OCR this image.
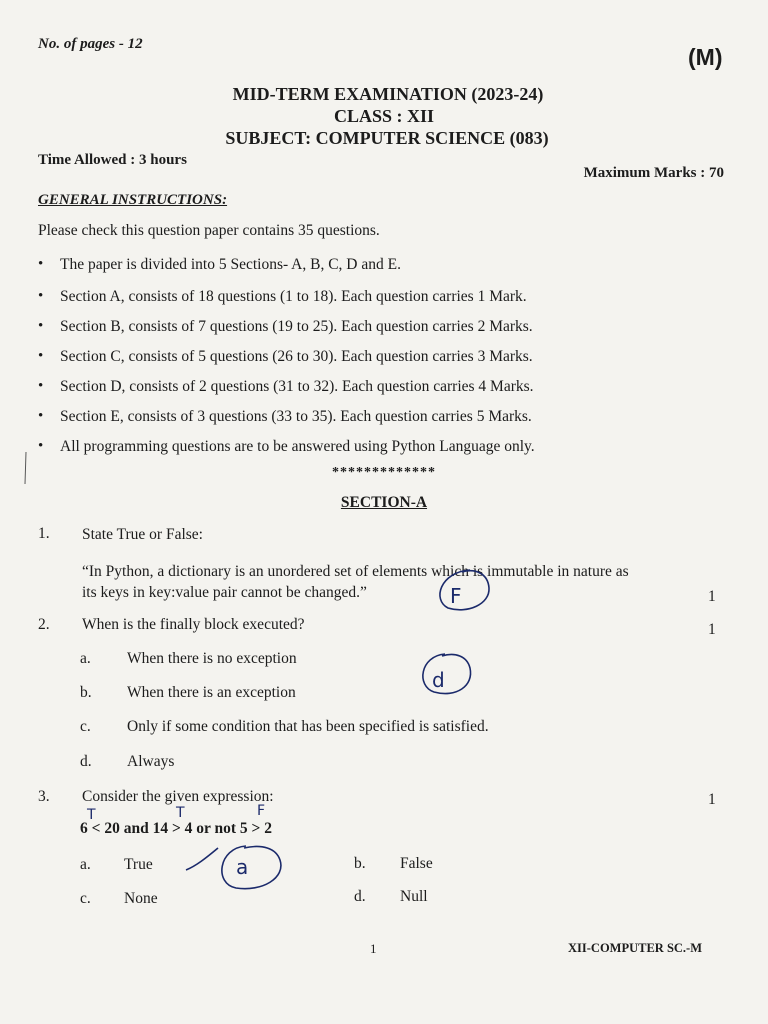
No. of pages - 12	(M)
MID-TERM EXAMINATION (2023-24)
CLASS : XII
SUBJECT: COMPUTER SCIENCE (083)
Time Allowed : 3 hours
Maximum Marks : 70
GENERAL INSTRUCTIONS:
Please check this question paper contains 35 questions.
•	The paper is divided into 5 Sections- A, B, C, D and E.
•	Section A, consists of 18 questions (1 to 18). Each question carries 1 Mark.
•	Section B, consists of 7 questions (19 to 25). Each question carries 2 Marks.
•	Section C, consists of 5 questions (26 to 30). Each question carries 3 Marks.
•	Section D, consists of 2 questions (31 to 32). Each question carries 4 Marks.
•	Section E, consists of 3 questions (33 to 35). Each question carries 5 Marks.
•	All programming questions are to be answered using Python Language only.
*************
SECTION-A
1. State True or False:
“In Python, a dictionary is an unordered set of elements which is immutable in nature as
its keys in key:value pair cannot be changed.”	1
2. When is the finally block executed?	1
a. When there is no exception
b. When there is an exception
c. Only if some condition that has been specified is satisfied.
d. Always
3. Consider the given expression:	1
6 < 20 and 14 > 4 or not 5 > 2
a. True	b. False
c. None	d. Null
1	XII-COMPUTER SC.-M
F
d
T	T	F
a
